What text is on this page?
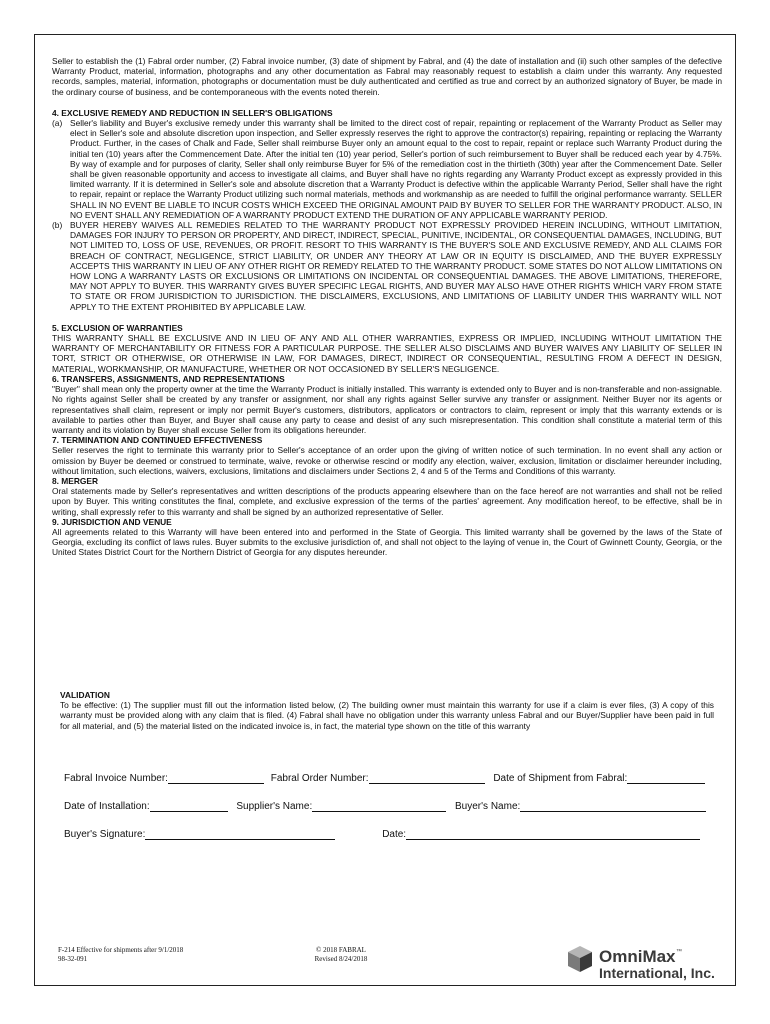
Seller to establish the (1) Fabral order number, (2) Fabral invoice number, (3) date of shipment by Fabral, and (4) the date of installation and (ii) such other samples of the defective Warranty Product, material, information, photographs and any other documentation as Fabral may reasonably request to establish a claim under this warranty. Any requested records, samples, material, information, photographs or documentation must be duly authenticated and certified as true and correct by an authorized signatory of Buyer, be made in the ordinary course of business, and be contemporaneous with the events noted therein.

4. EXCLUSIVE REMEDY AND REDUCTION IN SELLER'S OBLIGATIONS

(a) Seller's liability and Buyer's exclusive remedy under this warranty shall be limited to the direct cost of repair, repainting or replacement of the Warranty Product as Seller may elect in Seller's sole and absolute discretion upon inspection, and Seller expressly reserves the right to approve the contractor(s) repairing, repainting or replacing the Warranty Product. Further, in the cases of Chalk and Fade, Seller shall reimburse Buyer only an amount equal to the cost to repair, repaint or replace such Warranty Product during the initial ten (10) years after the Commencement Date. After the initial ten (10) year period, Seller's portion of such reimbursement to Buyer shall be reduced each year by 4.75%. By way of example and for purposes of clarity, Seller shall only reimburse Buyer for 5% of the remediation cost in the thirtieth (30th) year after the Commencement Date. Seller shall be given reasonable opportunity and access to investigate all claims, and Buyer shall have no rights regarding any Warranty Product except as expressly provided in this limited warranty. If it is determined in Seller's sole and absolute discretion that a Warranty Product is defective within the applicable Warranty Period, Seller shall have the right to repair, repaint or replace the Warranty Product utilizing such normal materials, methods and workmanship as are needed to fulfill the original performance warranty. SELLER SHALL IN NO EVENT BE LIABLE TO INCUR COSTS WHICH EXCEED THE ORIGINAL AMOUNT PAID BY BUYER TO SELLER FOR THE WARRANTY PRODUCT. ALSO, IN NO EVENT SHALL ANY REMEDIATION OF A WARRANTY PRODUCT EXTEND THE DURATION OF ANY APPLICABLE WARRANTY PERIOD.
(b) BUYER HEREBY WAIVES ALL REMEDIES RELATED TO THE WARRANTY PRODUCT NOT EXPRESSLY PROVIDED HEREIN INCLUDING, WITHOUT LIMITATION, DAMAGES FOR INJURY TO PERSON OR PROPERTY, AND DIRECT, INDIRECT, SPECIAL, PUNITIVE, INCIDENTAL, OR CONSEQUENTIAL DAMAGES, INCLUDING, BUT NOT LIMITED TO, LOSS OF USE, REVENUES, OR PROFIT. RESORT TO THIS WARRANTY IS THE BUYER'S SOLE AND EXCLUSIVE REMEDY, AND ALL CLAIMS FOR BREACH OF CONTRACT, NEGLIGENCE, STRICT LIABILITY, OR UNDER ANY THEORY AT LAW OR IN EQUITY IS DISCLAIMED, AND THE BUYER EXPRESSLY ACCEPTS THIS WARRANTY IN LIEU OF ANY OTHER RIGHT OR REMEDY RELATED TO THE WARRANTY PRODUCT. SOME STATES DO NOT ALLOW LIMITATIONS ON HOW LONG A WARRANTY LASTS OR EXCLUSIONS OR LIMITATIONS ON INCIDENTAL OR CONSEQUENTIAL DAMAGES. THE ABOVE LIMITATIONS, THEREFORE, MAY NOT APPLY TO BUYER. THIS WARRANTY GIVES BUYER SPECIFIC LEGAL RIGHTS, AND BUYER MAY ALSO HAVE OTHER RIGHTS WHICH VARY FROM STATE TO STATE OR FROM JURISDICTION TO JURISDICTION. THE DISCLAIMERS, EXCLUSIONS, AND LIMITATIONS OF LIABILITY UNDER THIS WARRANTY WILL NOT APPLY TO THE EXTENT PROHIBITED BY APPLICABLE LAW.

5. EXCLUSION OF WARRANTIES

THIS WARRANTY SHALL BE EXCLUSIVE AND IN LIEU OF ANY AND ALL OTHER WARRANTIES, EXPRESS OR IMPLIED, INCLUDING WITHOUT LIMITATION THE WARRANTY OF MERCHANTABILITY OR FITNESS FOR A PARTICULAR PURPOSE. THE SELLER ALSO DISCLAIMS AND BUYER WAIVES ANY LIABILITY OF SELLER IN TORT, STRICT OR OTHERWISE, OR OTHERWISE IN LAW, FOR DAMAGES, DIRECT, INDIRECT OR CONSEQUENTIAL, RESULTING FROM A DEFECT IN DESIGN, MATERIAL, WORKMANSHIP, OR MANUFACTURE, WHETHER OR NOT OCCASIONED BY SELLER'S NEGLIGENCE.

6. TRANSFERS, ASSIGNMENTS, AND REPRESENTATIONS

"Buyer" shall mean only the property owner at the time the Warranty Product is initially installed. This warranty is extended only to Buyer and is non-transferable and non-assignable. No rights against Seller shall be created by any transfer or assignment, nor shall any rights against Seller survive any transfer or assignment. Neither Buyer nor its agents or representatives shall claim, represent or imply nor permit Buyer's customers, distributors, applicators or contractors to claim, represent or imply that this warranty extends or is available to parties other than Buyer, and Buyer shall cause any party to cease and desist of any such misrepresentation. This condition shall constitute a material term of this warranty and its violation by Buyer shall excuse Seller from its obligations hereunder.

7. TERMINATION AND CONTINUED EFFECTIVENESS

Seller reserves the right to terminate this warranty prior to Seller's acceptance of an order upon the giving of written notice of such termination. In no event shall any action or omission by Buyer be deemed or construed to terminate, waive, revoke or otherwise rescind or modify any election, waiver, exclusion, limitation or disclaimer hereunder including, without limitation, such elections, waivers, exclusions, limitations and disclaimers under Sections 2, 4 and 5 of the Terms and Conditions of this warranty.

8. MERGER

Oral statements made by Seller's representatives and written descriptions of the products appearing elsewhere than on the face hereof are not warranties and shall not be relied upon by Buyer. This writing constitutes the final, complete, and exclusive expression of the terms of the parties' agreement. Any modification hereof, to be effective, shall be in writing, shall expressly refer to this warranty and shall be signed by an authorized representative of Seller.

9. JURISDICTION AND VENUE

All agreements related to this Warranty will have been entered into and performed in the State of Georgia. This limited warranty shall be governed by the laws of the State of Georgia, excluding its conflict of laws rules. Buyer submits to the exclusive jurisdiction of, and shall not object to the laying of venue in, the Court of Gwinnett County, Georgia, or the United States District Court for the Northern District of Georgia for any disputes hereunder.

VALIDATION

To be effective: (1) The supplier must fill out the information listed below, (2) The building owner must maintain this warranty for use if a claim is ever files, (3) A copy of this warranty must be provided along with any claim that is filed. (4) Fabral shall have no obligation under this warranty unless Fabral and our Buyer/Supplier have been paid in full for all material, and (5) the material listed on the indicated invoice is, in fact, the material type shown on the title of this warranty

Fabral Invoice Number:	Fabral Order Number:	Date of Shipment from Fabral:
Date of Installation:	Supplier's Name:	Buyer's Name:
Buyer's Signature:	Date:
F-214 Effective for shipments after 9/1/2018
98-32-091
© 2018 FABRAL
Revised 8/24/2018	OmniMax ™
International, Inc.
